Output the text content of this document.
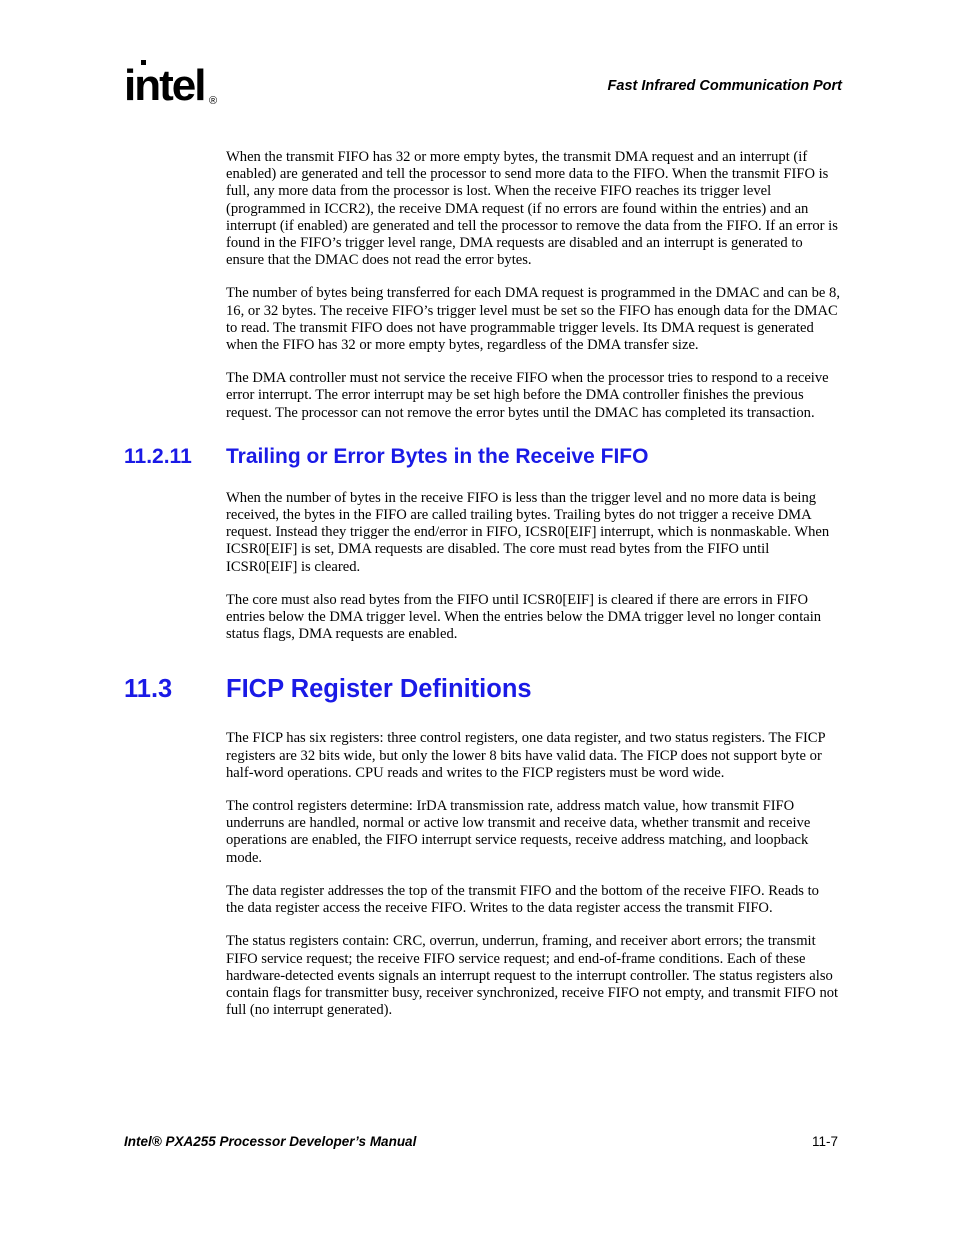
intel ®
Fast Infrared Communication Port

When the transmit FIFO has 32 or more empty bytes, the transmit DMA request and an interrupt (if enabled) are generated and tell the processor to send more data to the FIFO. When the transmit FIFO is full, any more data from the processor is lost. When the receive FIFO reaches its trigger level (programmed in ICCR2), the receive DMA request (if no errors are found within the entries) and an interrupt (if enabled) are generated and tell the processor to remove the data from the FIFO. If an error is found in the FIFO’s trigger level range, DMA requests are disabled and an interrupt is generated to ensure that the DMAC does not read the error bytes.

The number of bytes being transferred for each DMA request is programmed in the DMAC and can be 8, 16, or 32 bytes. The receive FIFO’s trigger level must be set so the FIFO has enough data for the DMAC to read. The transmit FIFO does not have programmable trigger levels. Its DMA request is generated when the FIFO has 32 or more empty bytes, regardless of the DMA transfer size.

The DMA controller must not service the receive FIFO when the processor tries to respond to a receive error interrupt. The error interrupt may be set high before the DMA controller finishes the previous request. The processor can not remove the error bytes until the DMAC has completed its transaction.

11.2.11 Trailing or Error Bytes in the Receive FIFO

When the number of bytes in the receive FIFO is less than the trigger level and no more data is being received, the bytes in the FIFO are called trailing bytes. Trailing bytes do not trigger a receive DMA request. Instead they trigger the end/error in FIFO, ICSR0[EIF] interrupt, which is nonmaskable. When ICSR0[EIF] is set, DMA requests are disabled. The core must read bytes from the FIFO until ICSR0[EIF] is cleared.

The core must also read bytes from the FIFO until ICSR0[EIF] is cleared if there are errors in FIFO entries below the DMA trigger level. When the entries below the DMA trigger level no longer contain status flags, DMA requests are enabled.

11.3 FICP Register Definitions

The FICP has six registers: three control registers, one data register, and two status registers. The FICP registers are 32 bits wide, but only the lower 8 bits have valid data. The FICP does not support byte or half-word operations. CPU reads and writes to the FICP registers must be word wide.

The control registers determine: IrDA transmission rate, address match value, how transmit FIFO underruns are handled, normal or active low transmit and receive data, whether transmit and receive operations are enabled, the FIFO interrupt service requests, receive address matching, and loopback mode.

The data register addresses the top of the transmit FIFO and the bottom of the receive FIFO. Reads to the data register access the receive FIFO. Writes to the data register access the transmit FIFO.

The status registers contain: CRC, overrun, underrun, framing, and receiver abort errors; the transmit FIFO service request; the receive FIFO service request; and end-of-frame conditions. Each of these hardware-detected events signals an interrupt request to the interrupt controller. The status registers also contain flags for transmitter busy, receiver synchronized, receive FIFO not empty, and transmit FIFO not full (no interrupt generated).

Intel® PXA255 Processor Developer’s Manual	11-7
